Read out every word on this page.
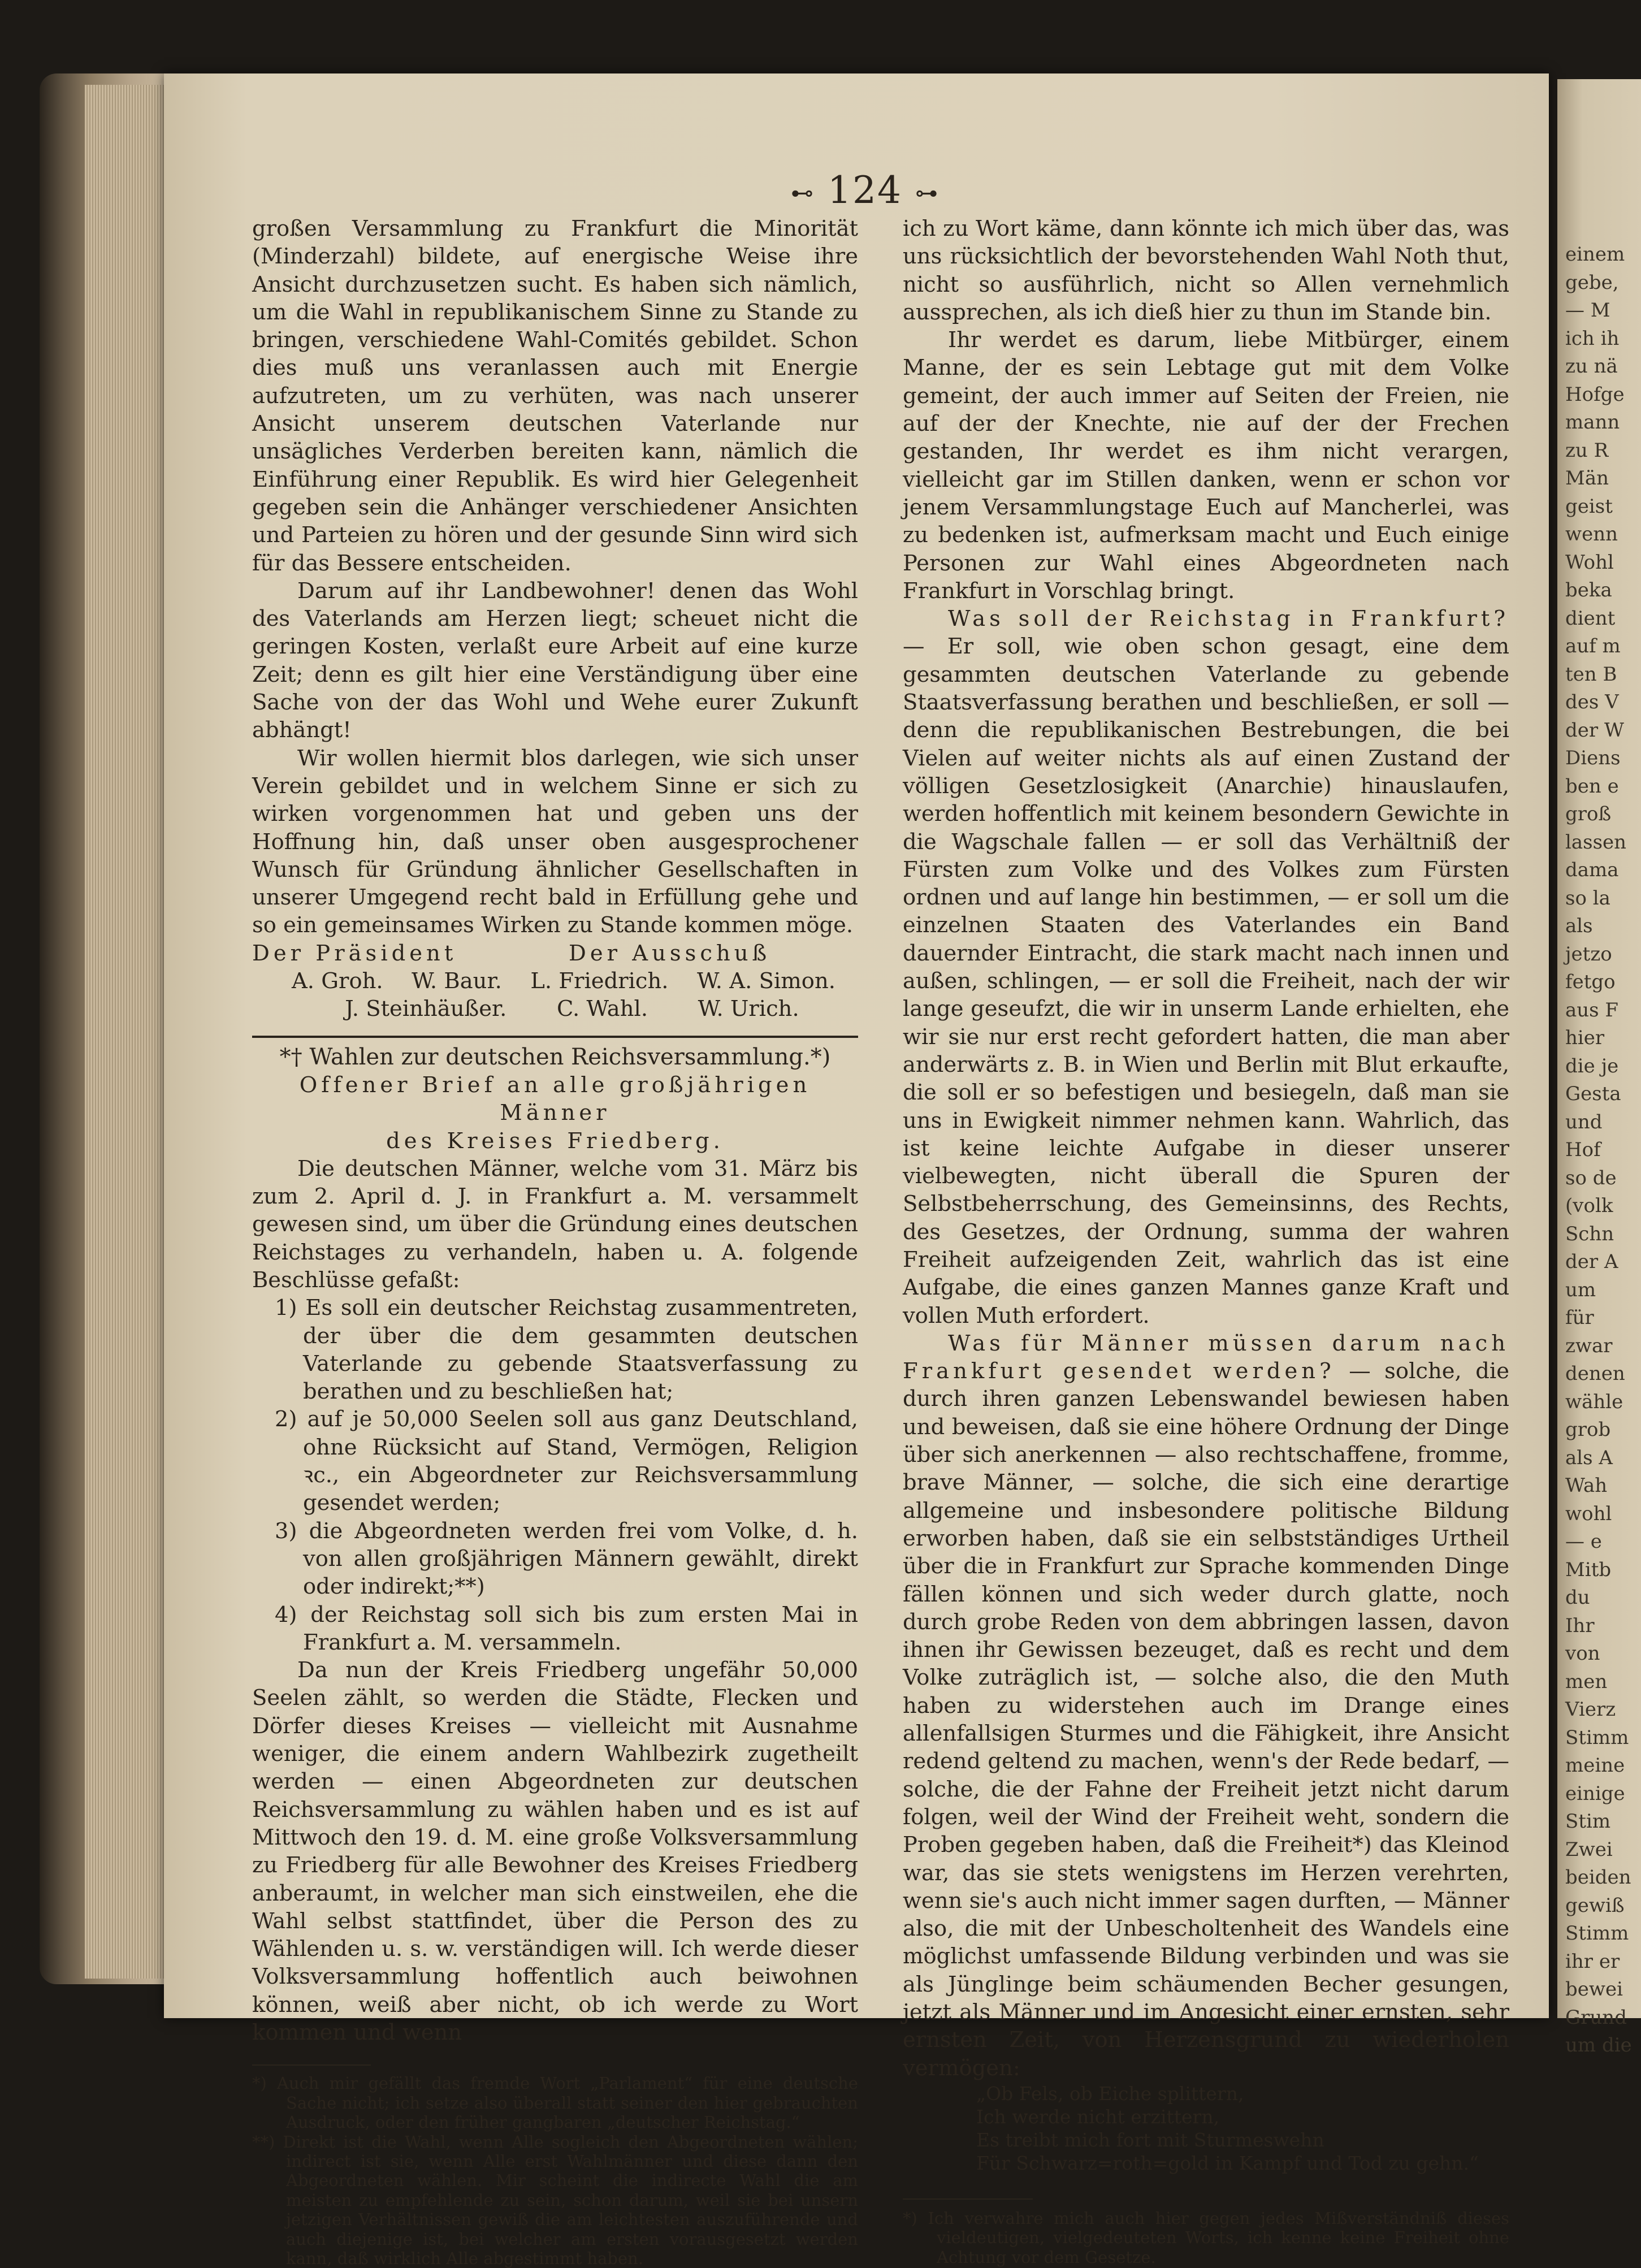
einem
gebe,
— M
ich ih
zu nä
Hofge
mann
zu R
Män
geist
wenn
Wohl
beka
dient
auf m
ten B
des V
der W
Diens
ben e
groß
lassen
dama
so la
als
jetzo
fetgo
aus F
hier
die je
Gesta
und
Hof
so de
(volk
Schn
der A
um
für
zwar
denen
wähle
grob
als A
Wah
wohl
— e
Mitb
du
Ihr
von
men
Vierz
Stimm
meine
einige
Stim
Zwei
beiden
gewiß
Stimm
ihr er
bewei
Grund
um die
⊷ 124 ⊶

großen Versammlung zu Frankfurt die Minorität (Minderzahl) bildete, auf energische Weise ihre Ansicht durchzusetzen sucht. Es haben sich nämlich, um die Wahl in republikanischem Sinne zu Stande zu bringen, verschiedene Wahl-Comités gebildet. Schon dies muß uns veranlassen auch mit Energie aufzutreten, um zu verhüten, was nach unserer Ansicht unserem deutschen Vaterlande nur unsägliches Verderben bereiten kann, nämlich die Einführung einer Republik. Es wird hier Gelegenheit gegeben sein die Anhänger verschiedener Ansichten und Parteien zu hören und der gesunde Sinn wird sich für das Bessere entscheiden.

Darum auf ihr Landbewohner! denen das Wohl des Vaterlands am Herzen liegt; scheuet nicht die geringen Kosten, verlaßt eure Arbeit auf eine kurze Zeit; denn es gilt hier eine Verständigung über eine Sache von der das Wohl und Wehe eurer Zukunft abhängt!

Wir wollen hiermit blos darlegen, wie sich unser Verein gebildet und in welchem Sinne er sich zu wirken vorgenommen hat und geben uns der Hoffnung hin, daß unser oben ausgesprochener Wunsch für Gründung ähnlicher Gesellschaften in unserer Umgegend recht bald in Erfüllung gehe und so ein gemeinsames Wirken zu Stande kommen möge.

Der Präsident	Der Ausschuß
A. Groh. W. Baur. L. Friedrich. W. A. Simon.
J. Steinhäußer. C. Wahl. W. Urich.

*† Wahlen zur deutschen Reichsversammlung.*)

Offener Brief an alle großjährigen Männer

des Kreises Friedberg.

Die deutschen Männer, welche vom 31. März bis zum 2. April d. J. in Frankfurt a. M. versammelt gewesen sind, um über die Gründung eines deutschen Reichstages zu verhandeln, haben u. A. folgende Beschlüsse gefaßt:

1) Es soll ein deutscher Reichstag zusammentreten, der über die dem gesammten deutschen Vaterlande zu gebende Staatsverfassung zu berathen und zu beschließen hat;

2) auf je 50,000 Seelen soll aus ganz Deutschland, ohne Rücksicht auf Stand, Vermögen, Religion ꝛc., ein Abgeordneter zur Reichsversammlung gesendet werden;

3) die Abgeordneten werden frei vom Volke, d. h. von allen großjährigen Männern gewählt, direkt oder indirekt;**)

4) der Reichstag soll sich bis zum ersten Mai in Frankfurt a. M. versammeln.

Da nun der Kreis Friedberg ungefähr 50,000 Seelen zählt, so werden die Städte, Flecken und Dörfer dieses Kreises — vielleicht mit Ausnahme weniger, die einem andern Wahlbezirk zugetheilt werden — einen Abgeordneten zur deutschen Reichsversammlung zu wählen haben und es ist auf Mittwoch den 19. d. M. eine große Volksversammlung zu Friedberg für alle Bewohner des Kreises Friedberg anberaumt, in welcher man sich einstweilen, ehe die Wahl selbst stattfindet, über die Person des zu Wählenden u. s. w. verständigen will. Ich werde dieser Volksversammlung hoffentlich auch beiwohnen können, weiß aber nicht, ob ich werde zu Wort kommen und wenn

*) Auch mir gefällt das fremde Wort „Parlament“ für eine deutsche Sache nicht; ich setze also überall statt seiner den hier gebrauchten Ausdruck, oder den früher gangbaren „deutscher Reichstag.“

**) Direkt ist die Wahl, wenn Alle sogleich den Abgeordneten wählen; indirect ist sie, wenn Alle erst Wahlmänner und diese dann den Abgeordneten wählen. Mir scheint die indirecte Wahl die am meisten zu empfehlende zu sein, schon darum, weil sie bei unsern jetzigen Verhältnissen gewiß die am leichtesten auszuführende und auch diejenige ist, bei welcher am ersten vorausgesetzt werden kann, daß wirklich Alle abgestimmt haben.

ich zu Wort käme, dann könnte ich mich über das, was uns rücksichtlich der bevorstehenden Wahl Noth thut, nicht so ausführlich, nicht so Allen vernehmlich aussprechen, als ich dieß hier zu thun im Stande bin.

Ihr werdet es darum, liebe Mitbürger, einem Manne, der es sein Lebtage gut mit dem Volke gemeint, der auch immer auf Seiten der Freien, nie auf der der Knechte, nie auf der der Frechen gestanden, Ihr werdet es ihm nicht verargen, vielleicht gar im Stillen danken, wenn er schon vor jenem Versammlungstage Euch auf Mancherlei, was zu bedenken ist, aufmerksam macht und Euch einige Personen zur Wahl eines Abgeordneten nach Frankfurt in Vorschlag bringt.

Was soll der Reichstag in Frankfurt? — Er soll, wie oben schon gesagt, eine dem gesammten deutschen Vaterlande zu gebende Staatsverfassung berathen und beschließen, er soll — denn die republikanischen Bestrebungen, die bei Vielen auf weiter nichts als auf einen Zustand der völligen Gesetzlosigkeit (Anarchie) hinauslaufen, werden hoffentlich mit keinem besondern Gewichte in die Wagschale fallen — er soll das Verhältniß der Fürsten zum Volke und des Volkes zum Fürsten ordnen und auf lange hin bestimmen, — er soll um die einzelnen Staaten des Vaterlandes ein Band dauernder Eintracht, die stark macht nach innen und außen, schlingen, — er soll die Freiheit, nach der wir lange geseufzt, die wir in unserm Lande erhielten, ehe wir sie nur erst recht gefordert hatten, die man aber anderwärts z. B. in Wien und Berlin mit Blut erkaufte, die soll er so befestigen und besiegeln, daß man sie uns in Ewigkeit nimmer nehmen kann. Wahrlich, das ist keine leichte Aufgabe in dieser unserer vielbewegten, nicht überall die Spuren der Selbstbeherrschung, des Gemeinsinns, des Rechts, des Gesetzes, der Ordnung, summa der wahren Freiheit aufzeigenden Zeit, wahrlich das ist eine Aufgabe, die eines ganzen Mannes ganze Kraft und vollen Muth erfordert.

Was für Männer müssen darum nach Frankfurt gesendet werden? — solche, die durch ihren ganzen Lebenswandel bewiesen haben und beweisen, daß sie eine höhere Ordnung der Dinge über sich anerkennen — also rechtschaffene, fromme, brave Männer, — solche, die sich eine derartige allgemeine und insbesondere politische Bildung erworben haben, daß sie ein selbstständiges Urtheil über die in Frankfurt zur Sprache kommenden Dinge fällen können und sich weder durch glatte, noch durch grobe Reden von dem abbringen lassen, davon ihnen ihr Gewissen bezeuget, daß es recht und dem Volke zuträglich ist, — solche also, die den Muth haben zu widerstehen auch im Drange eines allenfallsigen Sturmes und die Fähigkeit, ihre Ansicht redend geltend zu machen, wenn's der Rede bedarf, — solche, die der Fahne der Freiheit jetzt nicht darum folgen, weil der Wind der Freiheit weht, sondern die Proben gegeben haben, daß die Freiheit*) das Kleinod war, das sie stets wenigstens im Herzen verehrten, wenn sie's auch nicht immer sagen durften, — Männer also, die mit der Unbescholtenheit des Wandels eine möglichst umfassende Bildung verbinden und was sie als Jünglinge beim schäumenden Becher gesungen, jetzt als Männer und im Angesicht einer ernsten, sehr ernsten Zeit, von Herzensgrund zu wiederholen vermögen:

„Ob Fels, ob Eiche splittern,
Ich werde nicht erzittern,
Es treibt mich fort mit Sturmeswehn
Für Schwarz=roth=gold in Kampf und Tod zu gehn.“

*) Ich verwahre mich auch hier gegen jedes Mißverständniß dieses vieldeutigen, vielgedeuteten Worts, ich kenne keine Freiheit ohne Achtung vor dem Gesetze.
